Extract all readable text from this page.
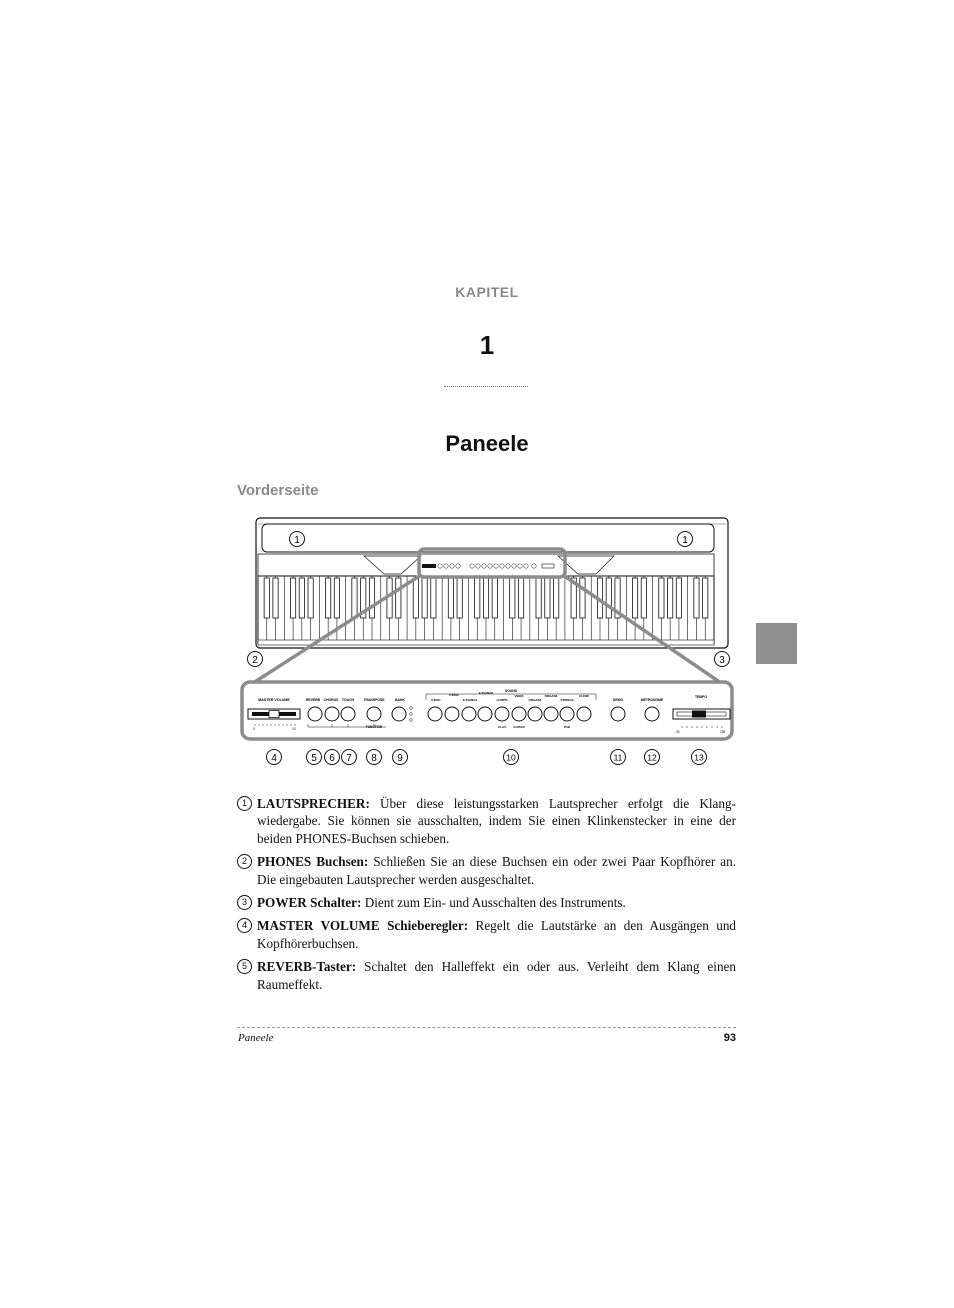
KAPITEL
1
Paneele
Vorderseite
MASTER VOLUME
0	10
REVERB CHORUS TOUCH	TRANSPOSE
FUNCTION
BANK
SOUND
P.INO2
P.INO1
E.P.IANO2
E.P.IANO1
VIBES
H.RIPSI
ORGAN2
ORGAN1
CHOIR
STRINGS
CLAV GUITAR	PAD
DEMO	METRONOME
TEMPO
40	208
1	1
2	3
4	5 6 7 8 9	10	11	12	13
1 LAUTSPRECHER: Über diese leistungsstarken Lautsprecher erfolgt die Klang-wiedergabe. Sie können sie ausschalten, indem Sie einen Klinkenstecker in eine der beiden PHONES-Buchsen schieben.
2 PHONES Buchsen: Schließen Sie an diese Buchsen ein oder zwei Paar Kopfhörer an. Die eingebauten Lautsprecher werden ausgeschaltet.
3 POWER Schalter: Dient zum Ein- und Ausschalten des Instruments.
4 MASTER VOLUME Schieberegler: Regelt die Lautstärke an den Ausgängen und Kopfhörerbuchsen.
5 REVERB-Taster: Schaltet den Halleffekt ein oder aus. Verleiht dem Klang einen Raumeffekt.
Paneele	93
